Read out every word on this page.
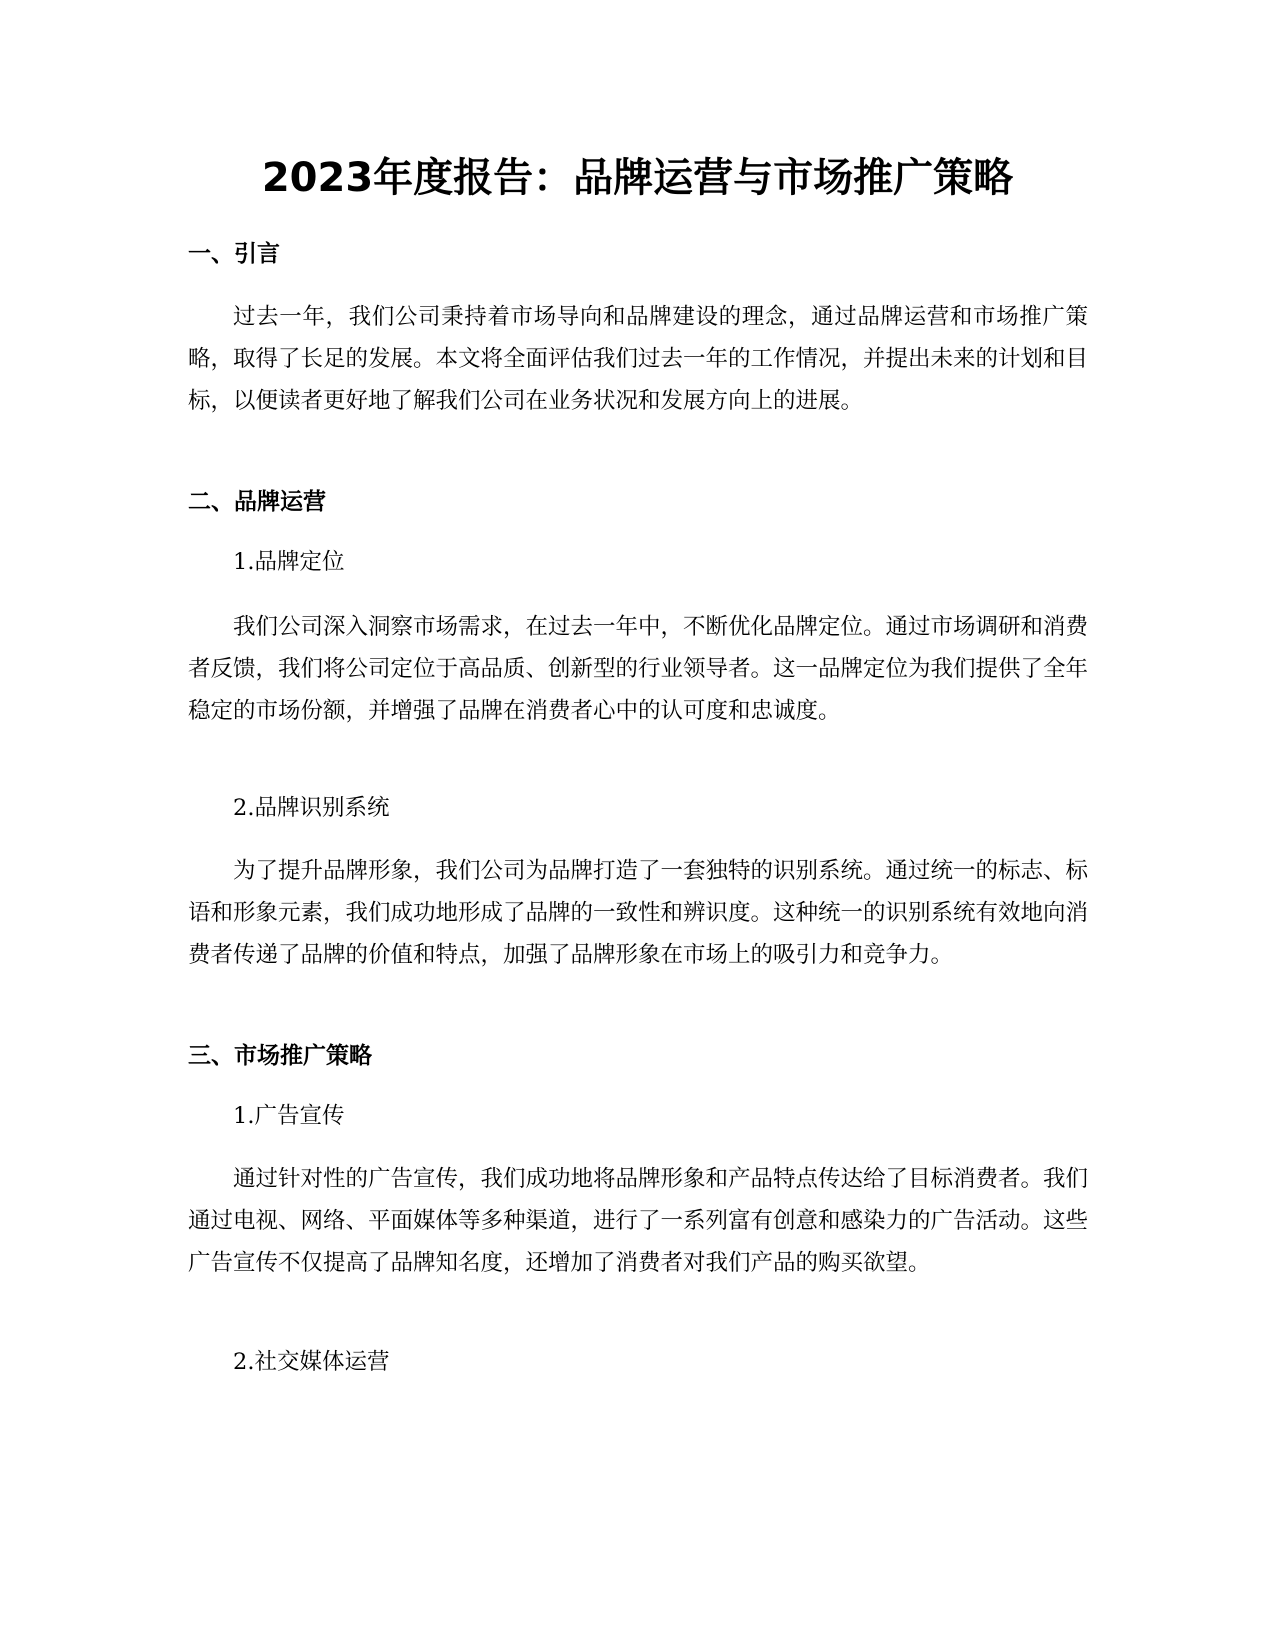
2023年度报告：品牌运营与市场推广策略
一、引言

过去一年，我们公司秉持着市场导向和品牌建设的理念，通过品牌运营和市场推广策略，取得了长足的发展。本文将全面评估我们过去一年的工作情况，并提出未来的计划和目标，以便读者更好地了解我们公司在业务状况和发展方向上的进展。

二、品牌运营

1.品牌定位

我们公司深入洞察市场需求，在过去一年中，不断优化品牌定位。通过市场调研和消费者反馈，我们将公司定位于高品质、创新型的行业领导者。这一品牌定位为我们提供了全年稳定的市场份额，并增强了品牌在消费者心中的认可度和忠诚度。

2.品牌识别系统

为了提升品牌形象，我们公司为品牌打造了一套独特的识别系统。通过统一的标志、标语和形象元素，我们成功地形成了品牌的一致性和辨识度。这种统一的识别系统有效地向消费者传递了品牌的价值和特点，加强了品牌形象在市场上的吸引力和竞争力。

三、市场推广策略

1.广告宣传

通过针对性的广告宣传，我们成功地将品牌形象和产品特点传达给了目标消费者。我们通过电视、网络、平面媒体等多种渠道，进行了一系列富有创意和感染力的广告活动。这些广告宣传不仅提高了品牌知名度，还增加了消费者对我们产品的购买欲望。

2.社交媒体运营
